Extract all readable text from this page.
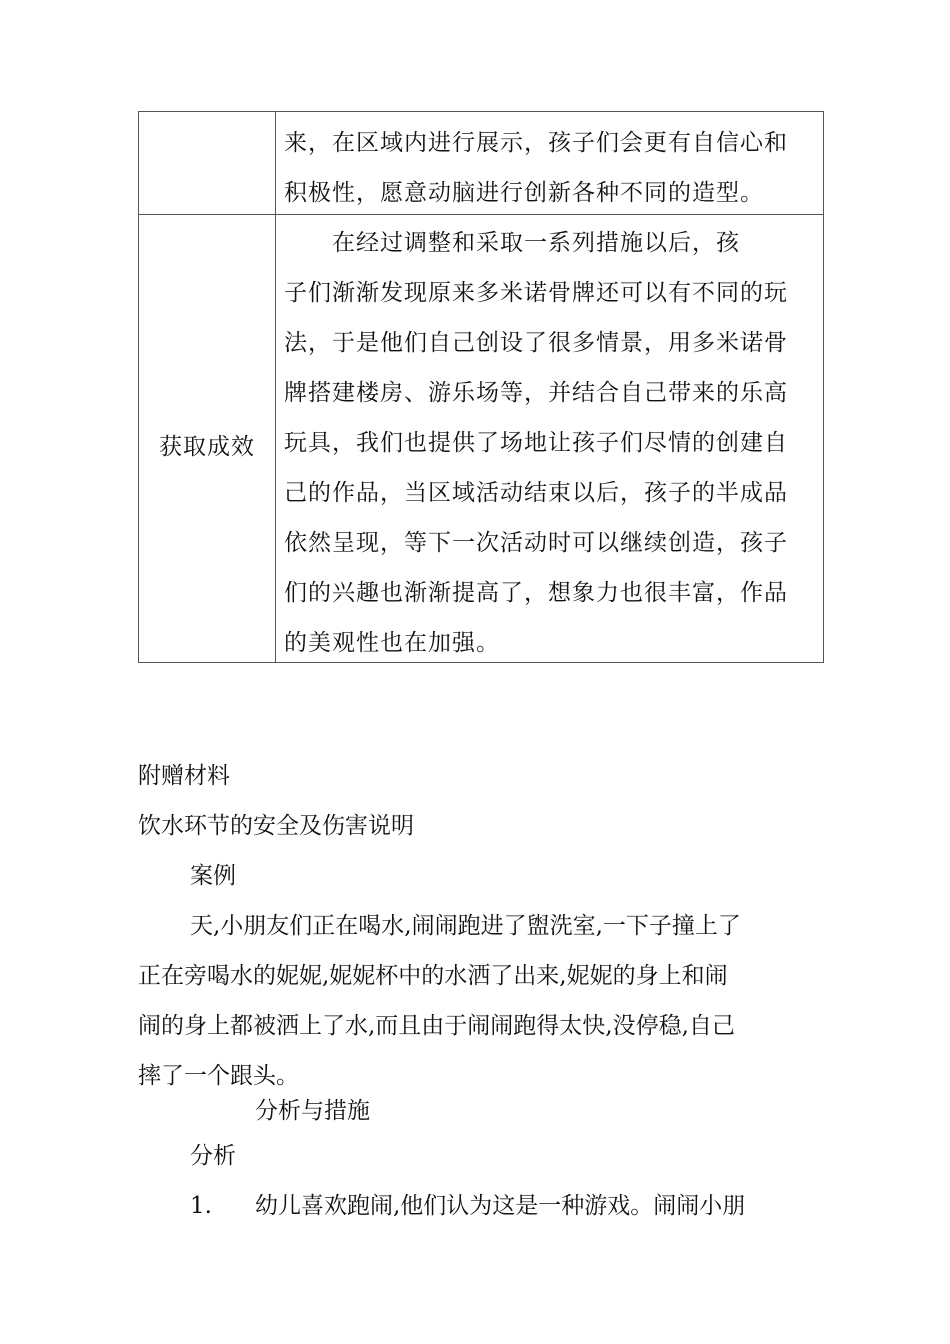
来，在区域内进行展示，孩子们会更有自信心和
积极性，愿意动脑进行创新各种不同的造型。
获取成效
　　在经过调整和采取一系列措施以后，孩
子们渐渐发现原来多米诺骨牌还可以有不同的玩
法，于是他们自己创设了很多情景，用多米诺骨
牌搭建楼房、游乐场等，并结合自己带来的乐高
玩具，我们也提供了场地让孩子们尽情的创建自
己的作品，当区域活动结束以后，孩子的半成品
依然呈现，等下一次活动时可以继续创造，孩子
们的兴趣也渐渐提高了，想象力也很丰富，作品
的美观性也在加强。
附赠材料
饮水环节的安全及伤害说明
案例
天,小朋友们正在喝水,闹闹跑进了盥洗室,一下子撞上了
正在旁喝水的妮妮,妮妮杯中的水洒了出来,妮妮的身上和闹
闹的身上都被洒上了水,而且由于闹闹跑得太快,没停稳,自己
摔了一个跟头。
分析与措施
分析
1. 幼儿喜欢跑闹,他们认为这是一种游戏。闹闹小朋
